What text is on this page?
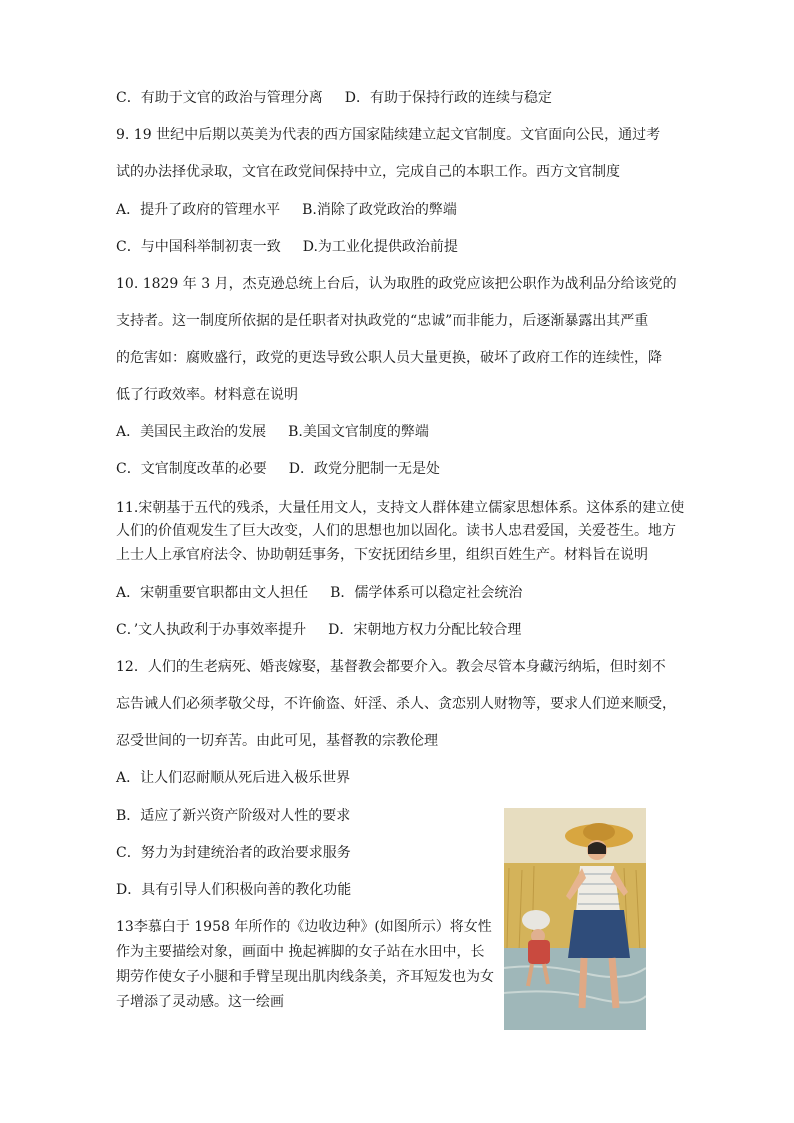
C．有助于文官的政治与管理分离 D．有助于保持行政的连续与稳定

9. 19 世纪中后期以英美为代表的西方国家陆续建立起文官制度。文官面向公民，通过考

试的办法择优录取，文官在政党间保持中立，完成自己的本职工作。西方文官制度

A．提升了政府的管理水平 B.消除了政党政治的弊端

C．与中国科举制初衷一致 D.为工业化提供政治前提

10. 1829 年 3 月，杰克逊总统上台后，认为取胜的政党应该把公职作为战利品分给该党的

支持者。这一制度所依据的是任职者对执政党的“忠诚”而非能力，后逐渐暴露出其严重

的危害如：腐败盛行，政党的更迭导致公职人员大量更换，破坏了政府工作的连续性，降

低了行政效率。材料意在说明

A．美国民主政治的发展 B.美国文官制度的弊端

C．文官制度改革的必要 D．政党分肥制一无是处

11.宋朝基于五代的残杀，大量任用文人，支持文人群体建立儒家思想体系。这体系的建立使

人们的价值观发生了巨大改变，人们的思想也加以固化。读书人忠君爱国，关爱苍生。地方

上士人上承官府法令、协助朝廷事务，下安抚团结乡里，组织百姓生产。材料旨在说明

A．宋朝重要官职都由文人担任 B．儒学体系可以稳定社会统治

C．’文人执政利于办事效率提升 D．宋朝地方权力分配比较合理

12．人们的生老病死、婚丧嫁娶，基督教会都要介入。教会尽管本身藏污纳垢，但时刻不

忘告诫人们必须孝敬父母，不许偷盗、奸淫、杀人、贪恋别人财物等，要求人们逆来顺受，

忍受世间的一切弃苦。由此可见，基督教的宗教伦理

A．让人们忍耐顺从死后进入极乐世界

B．适应了新兴资产阶级对人性的要求

C．努力为封建统治者的政治要求服务

D．具有引导人们积极向善的教化功能

13李慕白于 1958 年所作的《边收边种》(如图所示）将女性

作为主要描绘对象，画面中 挽起裤脚的女子站在水田中，长

期劳作使女子小腿和手臂呈现出肌肉线条美，齐耳短发也为女

子增添了灵动感。这一绘画
